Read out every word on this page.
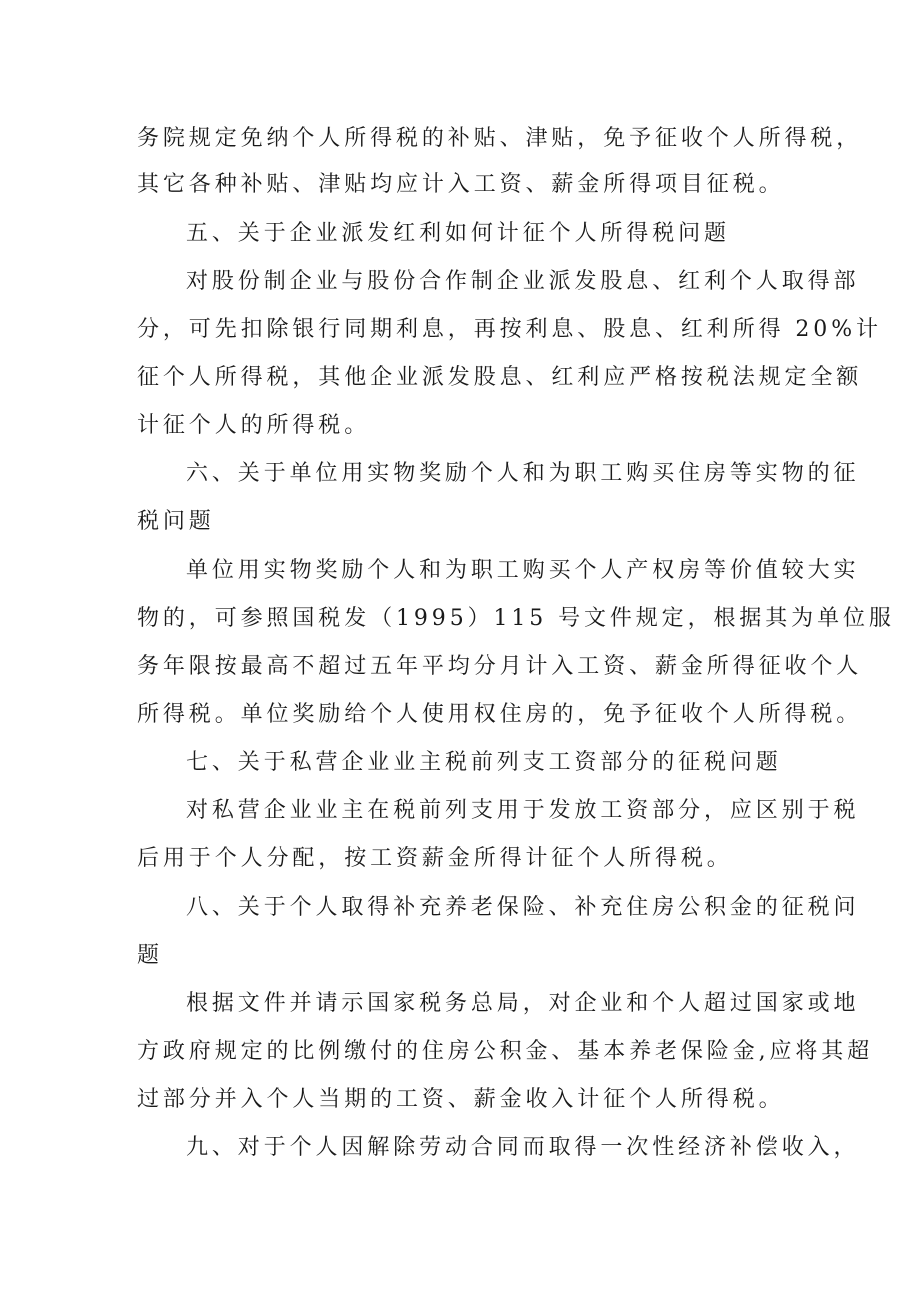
务院规定免纳个人所得税的补贴、津贴，免予征收个人所得税，
其它各种补贴、津贴均应计入工资、薪金所得项目征税。
五、关于企业派发红利如何计征个人所得税问题
对股份制企业与股份合作制企业派发股息、红利个人取得部
分，可先扣除银行同期利息，再按利息、股息、红利所得 20%计
征个人所得税，其他企业派发股息、红利应严格按税法规定全额
计征个人的所得税。
六、关于单位用实物奖励个人和为职工购买住房等实物的征
税问题
单位用实物奖励个人和为职工购买个人产权房等价值较大实
物的，可参照国税发（1995）115 号文件规定，根据其为单位服
务年限按最高不超过五年平均分月计入工资、薪金所得征收个人
所得税。单位奖励给个人使用权住房的，免予征收个人所得税。
七、关于私营企业业主税前列支工资部分的征税问题
对私营企业业主在税前列支用于发放工资部分，应区别于税
后用于个人分配，按工资薪金所得计征个人所得税。
八、关于个人取得补充养老保险、补充住房公积金的征税问
题
根据文件并请示国家税务总局，对企业和个人超过国家或地
方政府规定的比例缴付的住房公积金、基本养老保险金,应将其超
过部分并入个人当期的工资、薪金收入计征个人所得税。
九、对于个人因解除劳动合同而取得一次性经济补偿收入，
